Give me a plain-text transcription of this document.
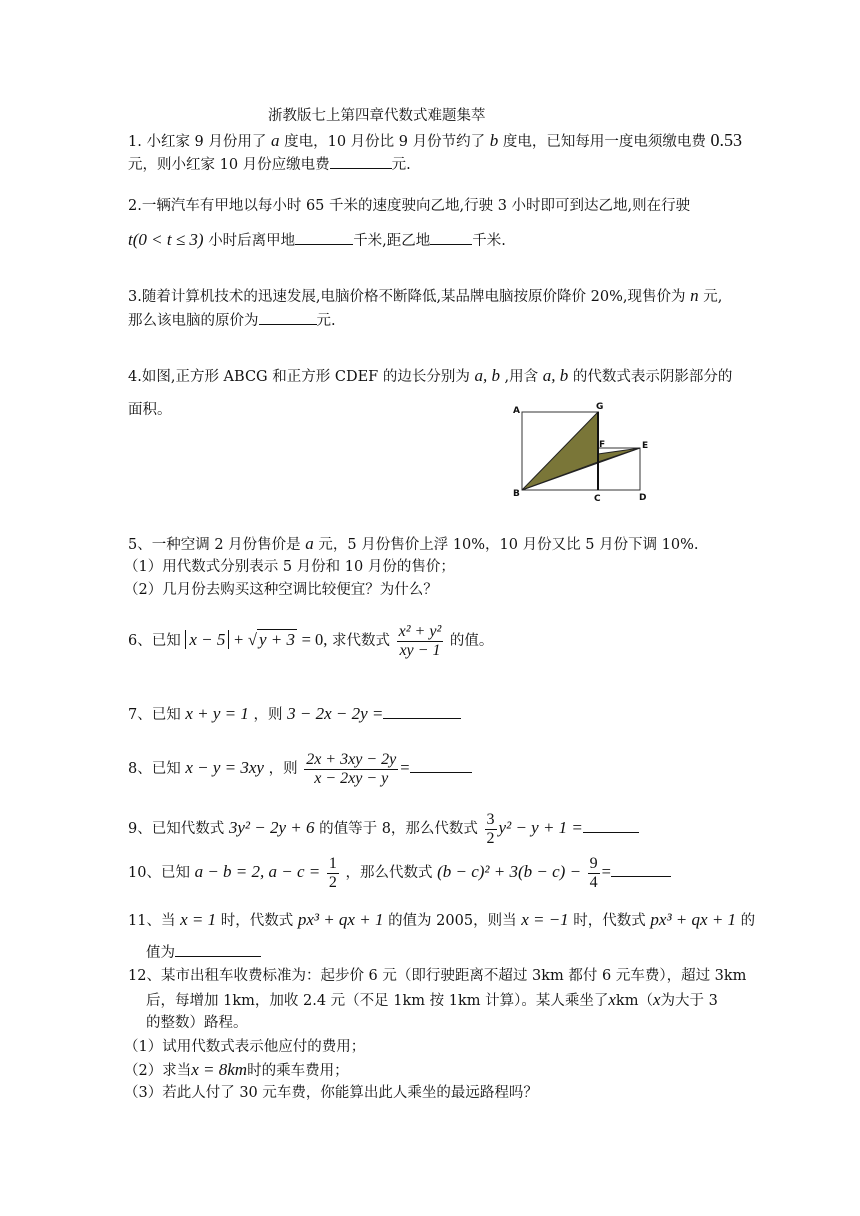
浙教版七上第四章代数式难题集萃
1. 小红家 9 月份用了 a 度电，10 月份比 9 月份节约了 b 度电，已知每用一度电须缴电费 0.53
元，则小红家 10 月份应缴电费	元.
2.一辆汽车有甲地以每小时 65 千米的速度驶向乙地,行驶 3 小时即可到达乙地,则在行驶
t(0 < t ≤ 3) 小时后离甲地	千米,距乙地	千米.
3.随着计算机技术的迅速发展,电脑价格不断降低,某品牌电脑按原价降价 20%,现售价为 n 元,
那么该电脑的原价为	元.
4.如图,正方形 ABCG 和正方形 CDEF 的边长分别为 a, b ,用含 a, b 的代数式表示阴影部分的
面积。	A	G
F	E
B	C	D
5、一种空调 2 月份售价是 a 元，5 月份售价上浮 10%，10 月份又比 5 月份下调 10%.
（1）用代数式分别表示 5 月份和 10 月份的售价；
（2）几月份去购买这种空调比较便宜？为什么？
6、已知 x − 5 + √ y + 3 = 0, 求代数式 $\frac{\text{x² + y²}}{xy - 1}$ 的值。
7、已知 x + y = 1 ，则 3 − 2x − 2y =
8、已知 x − y = 3xy ，则 $\frac{2x + 3xy - 2y}{x - 2xy - y}$ =
9、已知代数式 3y² − 2y + 6 的值等于 8，那么代数式 $\frac{3}{2} y^2 - y + 1$ =
10、已知 a − b = 2, $a - c = \frac{1}{2}$ ，那么代数式 $(b - c)^2 + 3(b - c) - \frac{9}{4}$ =
11、当 x = 1 时，代数式 px³ + qx + 1 的值为 2005，则当 x = −1 时，代数式 px³ + qx + 1 的
值为
12、某市出租车收费标准为：起步价 6 元（即行驶距离不超过 3km 都付 6 元车费），超过 3km
后，每增加 1km，加收 2.4 元（不足 1km 按 1km 计算）。某人乘坐了xkm（x为大于 3
的整数）路程。
（1）试用代数式表示他应付的费用；
（2）求当x = 8km时的乘车费用；
（3）若此人付了 30 元车费，你能算出此人乘坐的最远路程吗？
